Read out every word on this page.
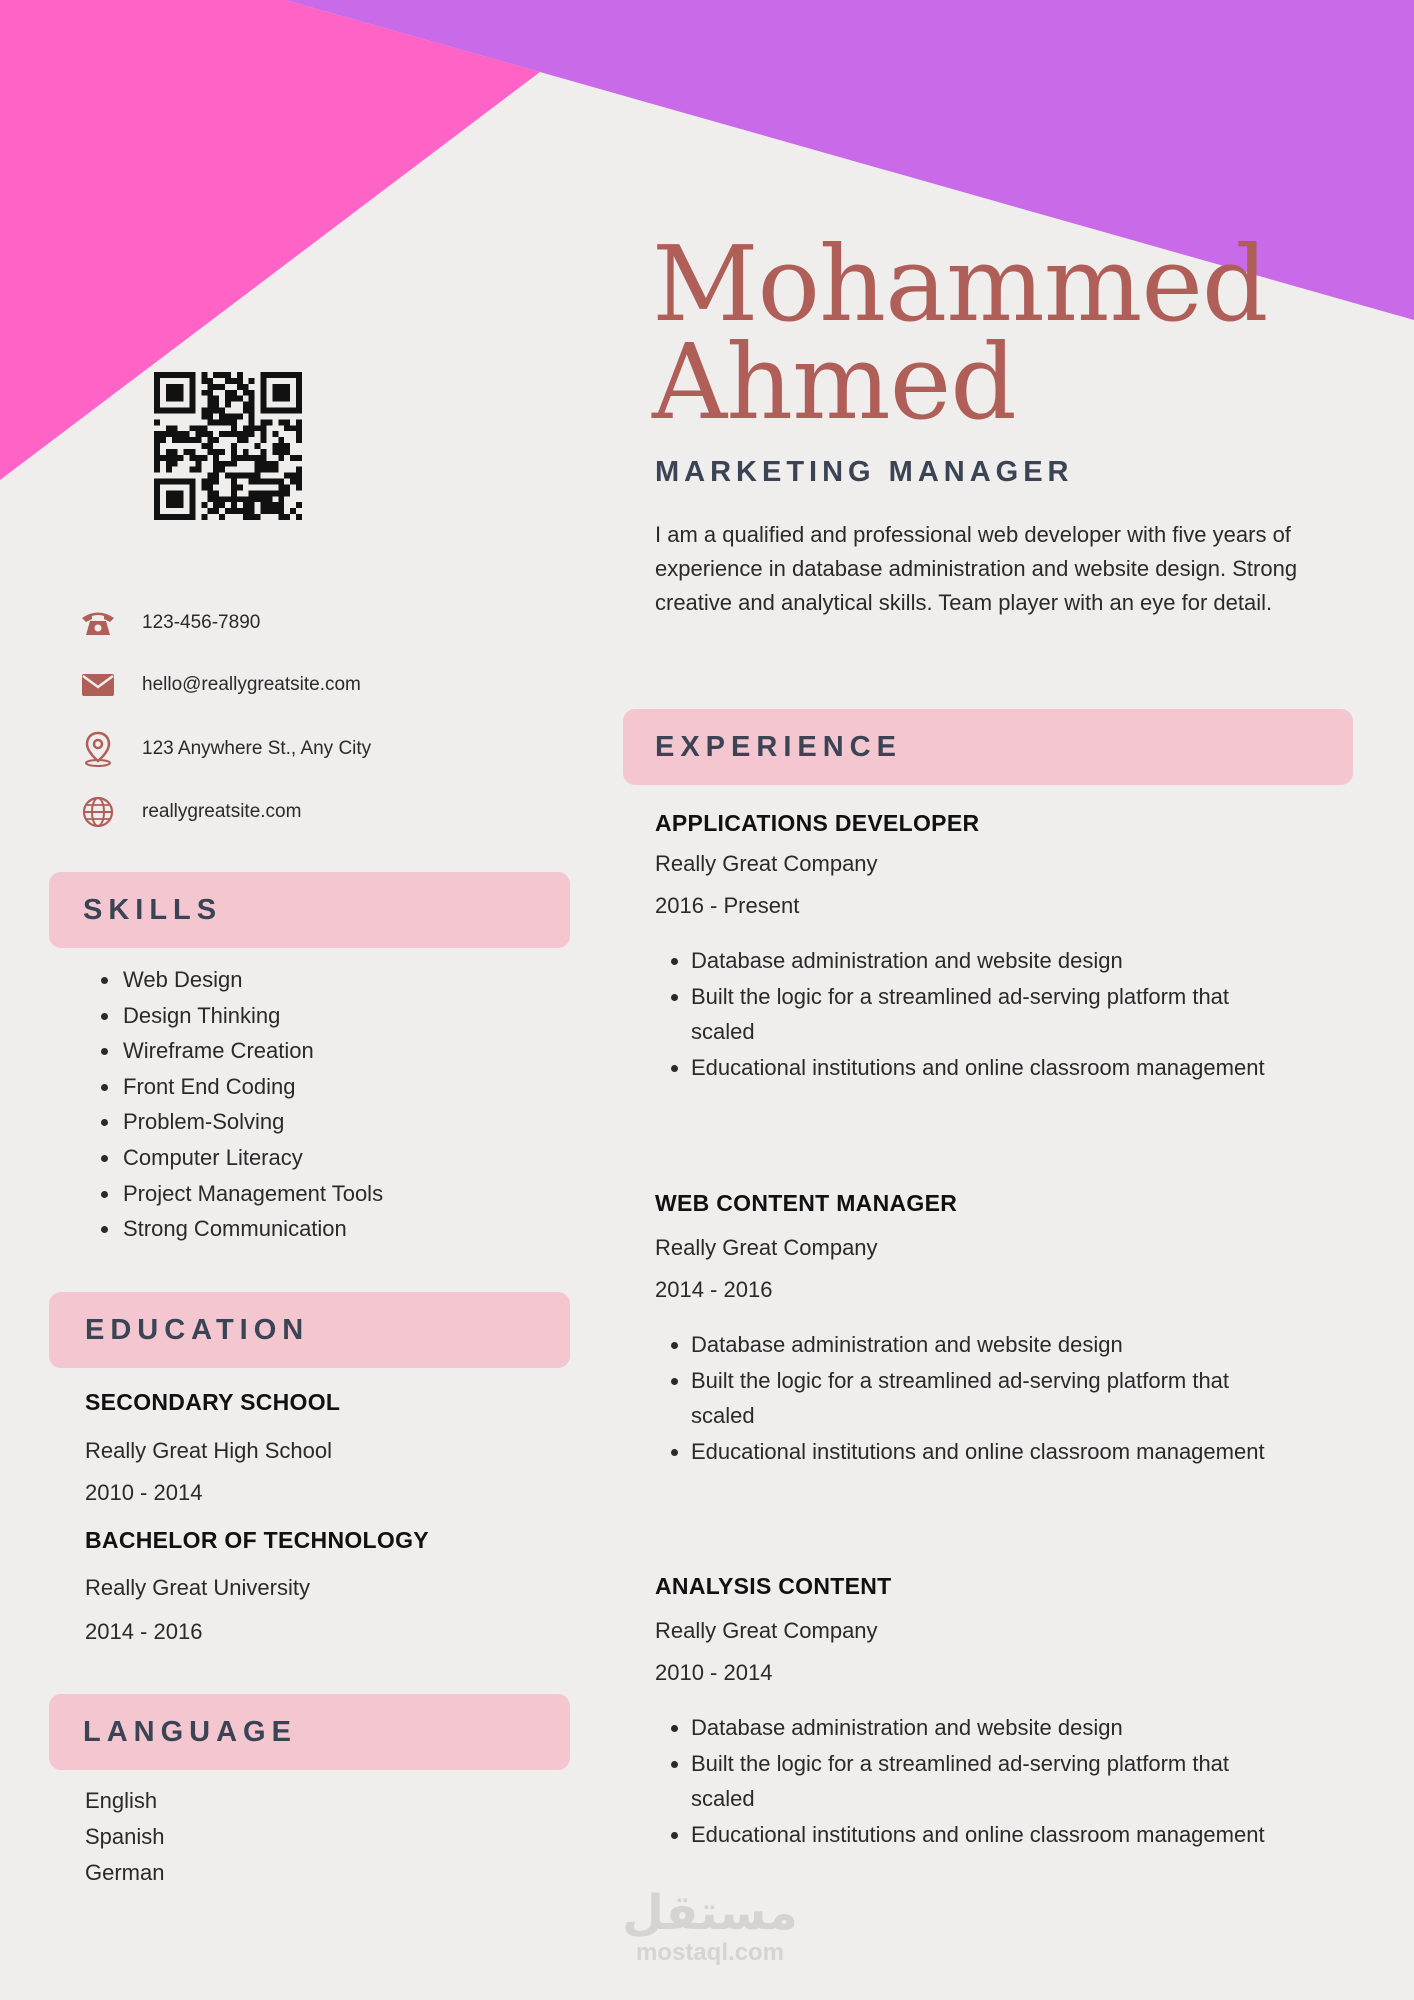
Mohammed
Ahmed
MARKETING MANAGER
I am a qualified and professional web developer with five years of experience in database administration and website design. Strong creative and analytical skills. Team player with an eye for detail.
123-456-7890
hello@reallygreatsite.com
123 Anywhere St., Any City
reallygreatsite.com
SKILLS
• Web Design
• Design Thinking
• Wireframe Creation
• Front End Coding
• Problem-Solving
• Computer Literacy
• Project Management Tools
• Strong Communication
EDUCATION
SECONDARY SCHOOL
Really Great High School
2010 - 2014
BACHELOR OF TECHNOLOGY
Really Great University
2014 - 2016
LANGUAGE
English
Spanish
German
EXPERIENCE
APPLICATIONS DEVELOPER
Really Great Company
2016 - Present
• Database administration and website design
• Built the logic for a streamlined ad-serving platform that scaled
• Educational institutions and online classroom management
WEB CONTENT MANAGER
Really Great Company
2014 - 2016
• Database administration and website design
• Built the logic for a streamlined ad-serving platform that scaled
• Educational institutions and online classroom management
ANALYSIS CONTENT
Really Great Company
2010 - 2014
• Database administration and website design
• Built the logic for a streamlined ad-serving platform that scaled
• Educational institutions and online classroom management
مستقل
mostaql.com
